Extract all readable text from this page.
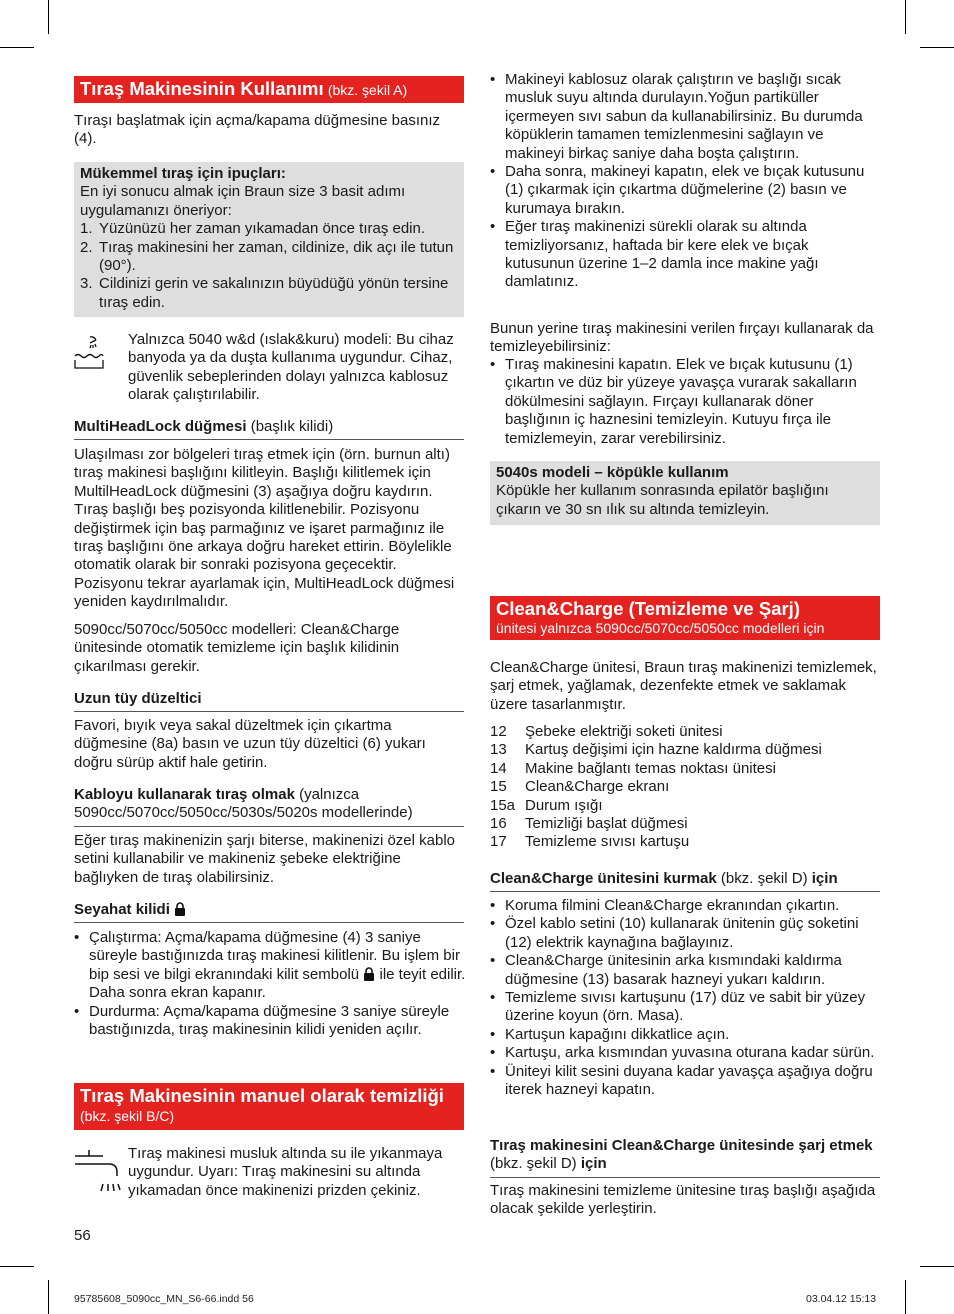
Tıraş Makinesinin Kullanımı (bkz. şekil A)

Tıraşı başlatmak için açma/kapama düğmesine basınız (4).

Mükemmel tıraş için ipuçları:

En iyi sonucu almak için Braun size 3 basit adımı uygulamanızı öneriyor:

1. Yüzünüzü her zaman yıkamadan önce tıraş edin.
2. Tıraş makinesini her zaman, cildinize, dik açı ile tutun (90°).
3. Cildinizi gerin ve sakalınızın büyüdüğü yönün tersine tıraş edin.

Yalnızca 5040 w&d (ıslak&kuru) modeli: Bu cihaz banyoda ya da duşta kullanıma uygundur. Cihaz, güvenlik sebeplerinden dolayı yalnızca kablosuz olarak çalıştırılabilir.

MultiHeadLock düğmesi (başlık kilidi)

Ulaşılması zor bölgeleri tıraş etmek için (örn. burnun altı) tıraş makinesi başlığını kilitleyin. Başlığı kilitlemek için MultilHeadLock düğmesini (3) aşağıya doğru kaydırın. Tıraş başlığı beş pozisyonda kilitlenebilir. Pozisyonu değiştirmek için baş parmağınız ve işaret parmağınız ile tıraş başlığını öne arkaya doğru hareket ettirin. Böylelikle otomatik olarak bir sonraki pozisyona geçecektir. Pozisyonu tekrar ayarlamak için, MultiHeadLock düğmesi yeniden kaydırılmalıdır.

5090cc/5070cc/5050cc modelleri: Clean&Charge ünitesinde otomatik temizleme için başlık kilidinin çıkarılması gerekir.

Uzun tüy düzeltici

Favori, bıyık veya sakal düzeltmek için çıkartma düğmesine (8a) basın ve uzun tüy düzeltici (6) yukarı doğru sürüp aktif hale getirin.

Kabloyu kullanarak tıraş olmak (yalnızca 5090cc/5070cc/5050cc/5030s/5020s modellerinde)

Eğer tıraş makinenizin şarjı biterse, makinenizi özel kablo setini kullanabilir ve makineniz şebeke elektriğine bağlıyken de tıraş olabilirsiniz.

Seyahat kilidi

• Çalıştırma: Açma/kapama düğmesine (4) 3 saniye süreyle bastığınızda tıraş makinesi kilitlenir. Bu işlem bir bip sesi ve bilgi ekranındaki kilit sembolü ile teyit edilir. Daha sonra ekran kapanır.
• Durdurma: Açma/kapama düğmesine 3 saniye süreyle bastığınızda, tıraş makinesinin kilidi yeniden açılır.
Tıraş Makinesinin manuel olarak temizliği (bkz. şekil B/C)

Tıraş makinesi musluk altında su ile yıkanmaya uygundur. Uyarı: Tıraş makinesini su altında yıkamadan önce makinenizi prizden çekiniz.

56

• Makineyi kablosuz olarak çalıştırın ve başlığı sıcak musluk suyu altında durulayın.Yoğun partiküller içermeyen sıvı sabun da kullanabilirsiniz. Bu durumda köpüklerin tamamen temizlenmesini sağlayın ve makineyi birkaç saniye daha boşta çalıştırın.
• Daha sonra, makineyi kapatın, elek ve bıçak kutusunu (1) çıkarmak için çıkartma düğmelerine (2) basın ve kurumaya bırakın.
• Eğer tıraş makinenizi sürekli olarak su altında temizliyorsanız, haftada bir kere elek ve bıçak kutusunun üzerine 1–2 damla ince makine yağı damlatınız.

Bunun yerine tıraş makinesini verilen fırçayı kullanarak da temizleyebilirsiniz:

• Tıraş makinesini kapatın. Elek ve bıçak kutusunu (1) çıkartın ve düz bir yüzeye yavaşça vurarak sakalların dökülmesini sağlayın. Fırçayı kullanarak döner başlığının iç haznesini temizleyin. Kutuyu fırça ile temizlemeyin, zarar verebilirsiniz.

5040s modeli – köpükle kullanım

Köpükle her kullanım sonrasında epilatör başlığını çıkarın ve 30 sn ılık su altında temizleyin.

Clean&Charge (Temizleme ve Şarj)
ünitesi yalnızca 5090cc/5070cc/5050cc modelleri için

Clean&Charge ünitesi, Braun tıraş makinenizi temizlemek, şarj etmek, yağlamak, dezenfekte etmek ve saklamak üzere tasarlanmıştır.

12	Şebeke elektriği soketi ünitesi
13	Kartuş değişimi için hazne kaldırma düğmesi
14	Makine bağlantı temas noktası ünitesi
15	Clean&Charge ekranı
15a Durum ışığı
16	Temizliği başlat düğmesi
17	Temizleme sıvısı kartuşu

Clean&Charge ünitesini kurmak (bkz. şekil D) için

• Koruma filmini Clean&Charge ekranından çıkartın.
• Özel kablo setini (10) kullanarak ünitenin güç soketini (12) elektrik kaynağına bağlayınız.
• Clean&Charge ünitesinin arka kısmındaki kaldırma düğmesine (13) basarak hazneyi yukarı kaldırın.
• Temizleme sıvısı kartuşunu (17) düz ve sabit bir yüzey üzerine koyun (örn. Masa).
• Kartuşun kapağını dikkatlice açın.
• Kartuşu, arka kısmından yuvasına oturana kadar sürün.
• Üniteyi kilit sesini duyana kadar yavaşça aşağıya doğru iterek hazneyi kapatın.

Tıraş makinesini Clean&Charge ünitesinde şarj etmek (bkz. şekil D) için

Tıraş makinesini temizleme ünitesine tıraş başlığı aşağıda olacak şekilde yerleştirin.

95785608_5090cc_MN_S6-66.indd 56	03.04.12 15:13
